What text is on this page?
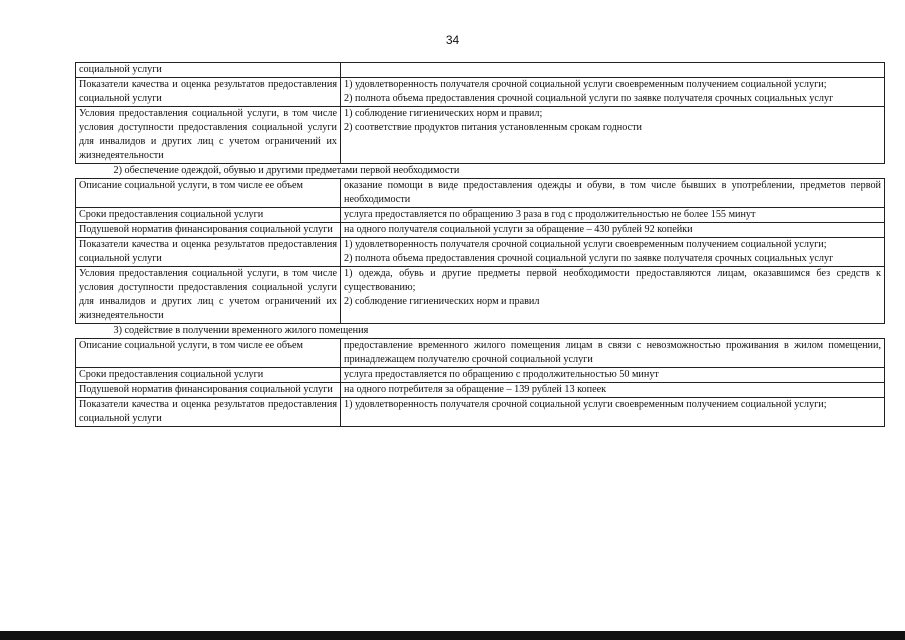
34
социальной услуги	

Показатели качества и оценка результатов предоставления социальной услуги	1) удовлетворенность получателя срочной социальной услуги своевременным получением социальной услуги;
2) полнота объема предоставления срочной социальной услуги по заявке получателя срочных социальных услуг

Условия предоставления социальной услуги, в том числе условия доступности предоставления социальной услуги для инвалидов и других лиц с учетом ограничений их жизнедеятельности	1) соблюдение гигиенических норм и правил;
2) соответствие продуктов питания установленным срокам годности

2) обеспечение одеждой, обувью и другими предметами первой необходимости	

Описание социальной услуги, в том числе ее объем	оказание помощи в виде предоставления одежды и обуви, в том числе бывших в употреблении, предметов первой необходимости

Сроки предоставления социальной услуги	услуга предоставляется по обращению 3 раза в год с продолжительностью не более 155 минут

Подушевой норматив финансирования социальной услуги	на одного получателя социальной услуги за обращение – 430 рублей 92 копейки

Показатели качества и оценка результатов предоставления социальной услуги	1) удовлетворенность получателя срочной социальной услуги своевременным получением социальной услуги;
2) полнота объема предоставления срочной социальной услуги по заявке получателя срочных социальных услуг

Условия предоставления социальной услуги, в том числе условия доступности предоставления социальной услуги для инвалидов и других лиц с учетом ограничений их жизнедеятельности	1) одежда, обувь и другие предметы первой необходимости предоставляются лицам, оказавшимся без средств к существованию;
2) соблюдение гигиенических норм и правил

3) содействие в получении временного жилого помещения	

Описание социальной услуги, в том числе ее объем	предоставление временного жилого помещения лицам в связи с невозможностью проживания в жилом помещении, принадлежащем получателю срочной социальной услуги

Сроки предоставления социальной услуги	услуга предоставляется по обращению с продолжительностью 50 минут

Подушевой норматив финансирования социальной услуги	на одного потребителя за обращение – 139 рублей 13 копеек

Показатели качества и оценка результатов предоставления социальной услуги	1) удовлетворенность получателя срочной социальной услуги своевременным получением социальной услуги;
